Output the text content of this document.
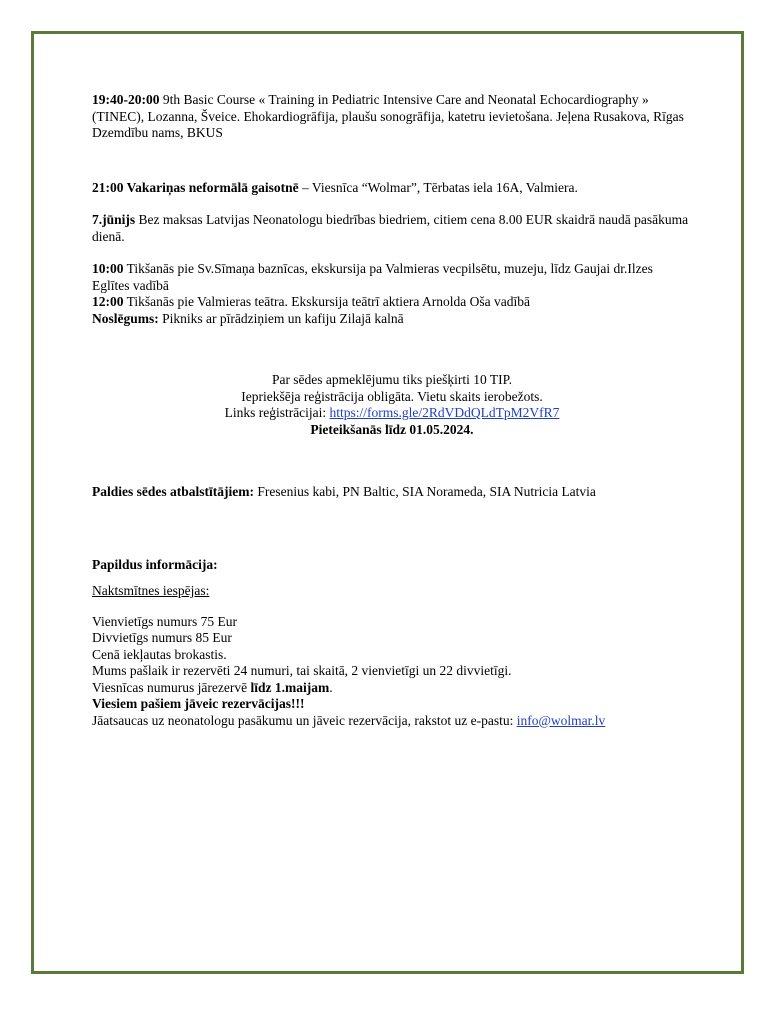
19:40-20:00 9th Basic Course « Training in Pediatric Intensive Care and Neonatal Echocardiography » (TINEC), Lozanna, Šveice. Ehokardiogrāfija, plaušu sonogrāfija, katetru ievietošana. Jeļena Rusakova, Rīgas Dzemdību nams, BKUS

21:00 Vakariņas neformālā gaisotnē – Viesnīca “Wolmar”, Tērbatas iela 16A, Valmiera.

7.jūnijs Bez maksas Latvijas Neonatologu biedrības biedriem, citiem cena 8.00 EUR skaidrā naudā pasākuma dienā.

10:00 Tikšanās pie Sv.Sīmaņa baznīcas, ekskursija pa Valmieras vecpilsētu, muzeju, līdz Gaujai dr.Ilzes Eglītes vadībā

12:00 Tikšanās pie Valmieras teātra. Ekskursija teātrī aktiera Arnolda Oša vadībā

Noslēgums: Pikniks ar pīrādziņiem un kafiju Zilajā kalnā

Par sēdes apmeklējumu tiks piešķirti 10 TIP.

Iepriekšēja reģistrācija obligāta. Vietu skaits ierobežots.

Links reģistrācijai: https://forms.gle/2RdVDdQLdTpM2VfR7

Pieteikšanās līdz 01.05.2024.

Paldies sēdes atbalstītājiem: Fresenius kabi, PN Baltic, SIA Norameda, SIA Nutricia Latvia

Papildus informācija:

Naktsmītnes iespējas:

Vienvietīgs numurs 75 Eur

Divvietīgs numurs 85 Eur

Cenā iekļautas brokastis.

Mums pašlaik ir rezervēti 24 numuri, tai skaitā, 2 vienvietīgi un 22 divvietīgi.

Viesnīcas numurus jārezervē līdz 1.maijam.

Viesiem pašiem jāveic rezervācijas!!!

Jāatsaucas uz neonatologu pasākumu un jāveic rezervācija, rakstot uz e-pastu: info@wolmar.lv
